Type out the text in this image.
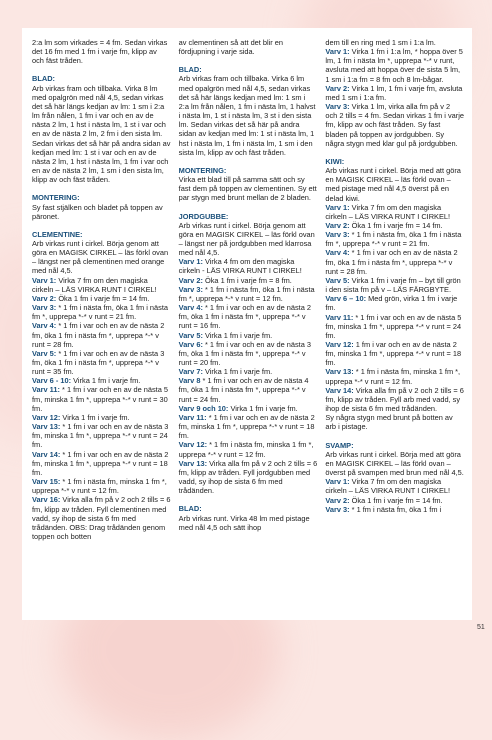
2:a lm som virkades = 4 fm. Sedan virkas det 16 fm med 1 fm i varje fm, klipp av och fäst tråden.

BLAD:

Arb virkas fram och tillbaka. Virka 8 lm med opalgrön med nål 4,5, sedan virkas det så här längs kedjan av lm: 1 sm i 2:a lm från nålen, 1 fm i var och en av de nästa 2 lm, 1 hst i nästa lm, 1 st i var och en av de nästa 2 lm, 2 fm i den sista lm. Sedan virkas det så här på andra sidan av kedjan med lm: 1 st i var och en av de nästa 2 lm, 1 hst i nästa lm, 1 fm i var och en av de nästa 2 lm, 1 sm i den sista lm, klipp av och fäst tråden.

MONTERING:

Sy fast stjälken och bladet på toppen av päronet.

CLEMENTINE:

Arb virkas runt i cirkel. Börja genom att göra en MAGISK CIRKEL – läs förkl ovan – längst ner på clementinen med orange med nål 4,5.

Varv 1: Virka 7 fm om den magiska cirkeln – LÄS VIRKA RUNT I CIRKEL!

Varv 2: Öka 1 fm i varje fm = 14 fm.

Varv 3: * 1 fm i nästa fm, öka 1 fm i nästa fm *, upprepa *-* v runt = 21 fm.

Varv 4: * 1 fm i var och en av de nästa 2 fm, öka 1 fm i nästa fm *, upprepa *-* v runt = 28 fm.

Varv 5: * 1 fm i var och en av de nästa 3 fm, öka 1 fm i nästa fm *, upprepa *-* v runt = 35 fm.

Varv 6 - 10: Virka 1 fm i varje fm.

Varv 11: * 1 fm i var och en av de nästa 5 fm, minska 1 fm *, upprepa *-* v runt = 30 fm.

Varv 12: Virka 1 fm i varje fm.

Varv 13: * 1 fm i var och en av de nästa 3 fm, minska 1 fm *, upprepa *-* v runt = 24 fm.

Varv 14: * 1 fm i var och en av de nästa 2 fm, minska 1 fm *, upprepa *-* v runt = 18 fm.

Varv 15: * 1 fm i nästa fm, minska 1 fm *, upprepa *-* v runt = 12 fm.

Varv 16: Virka alla fm på v 2 och 2 tills = 6 fm, klipp av tråden. Fyll clementinen med vadd, sy ihop de sista 6 fm med trådänden. OBS: Drag trådänden genom toppen och botten

av clementinen så att det blir en fördjupning i varje sida.

BLAD:

Arb virkas fram och tillbaka. Virka 6 lm med opalgrön med nål 4,5, sedan virkas det så här längs kedjan med lm: 1 sm i 2:a lm från nålen, 1 fm i nästa lm, 1 halvst i nästa lm, 1 st i nästa lm, 3 st i den sista lm. Sedan virkas det så här på andra sidan av kedjan med lm: 1 st i nästa lm, 1 hst i nästa lm, 1 fm i nästa lm, 1 sm i den sista lm, klipp av och fäst tråden.

MONTERING:

Virka ett blad till på samma sätt och sy fast dem på toppen av clementinen. Sy ett par stygn med brunt mellan de 2 bladen.

JORDGUBBE:

Arb virkas runt i cirkel. Börja genom att göra en MAGISK CIRKEL – läs förkl ovan – längst ner på jordgubben med klarrosa med nål 4,5.

Varv 1: Virka 4 fm om den magiska cirkeln - LÄS VIRKA RUNT I CIRKEL!

Varv 2: Öka 1 fm i varje fm = 8 fm.

Varv 3: * 1 fm i nästa fm, öka 1 fm i nästa fm *, upprepa *-* v runt = 12 fm.

Varv 4: * 1 fm i var och en av de nästa 2 fm, öka 1 fm i nästa fm *, upprepa *-* v runt = 16 fm.

Varv 5: Virka 1 fm i varje fm.

Varv 6: * 1 fm i var och en av de nästa 3 fm, öka 1 fm i nästa fm *, upprepa *-* v runt = 20 fm.

Varv 7: Virka 1 fm i varje fm.

Varv 8 * 1 fm i var och en av de nästa 4 fm, öka 1 fm i nästa fm *, upprepa *-* v runt = 24 fm.

Varv 9 och 10: Virka 1 fm i varje fm.

Varv 11: * 1 fm i var och en av de nästa 2 fm, minska 1 fm *, upprepa *-* v runt = 18 fm.

Varv 12: * 1 fm i nästa fm, minska 1 fm *, upprepa *-* v runt = 12 fm.

Varv 13: Virka alla fm på v 2 och 2 tills = 6 fm, klipp av tråden. Fyll jordgubben med vadd, sy ihop de sista 6 fm med trådänden.

BLAD:

Arb virkas runt. Virka 48 lm med pistage med nål 4,5 och sätt ihop

dem till en ring med 1 sm i 1:a lm.

Varv 1: Virka 1 fm i 1:a lm, * hoppa över 5 lm, 1 fm i nästa lm *, upprepa *-* v runt, avsluta med att hoppa över de sista 5 lm, 1 sm i 1:a fm = 8 fm och 8 lm-bågar.

Varv 2: Virka 1 lm, 1 fm i varje fm, avsluta med 1 sm i 1:a fm.

Varv 3: Virka 1 lm, virka alla fm på v 2 och 2 tills = 4 fm. Sedan virkas 1 fm i varje fm, klipp av och fäst tråden. Sy fast bladen på toppen av jordgubben. Sy några stygn med klar gul på jordgubben.

KIWI:

Arb virkas runt i cirkel. Börja med att göra en MAGISK CIRKEL – läs förkl ovan – med pistage med nål 4,5 överst på en delad kiwi.

Varv 1: Virka 7 fm om den magiska cirkeln – LÄS VIRKA RUNT I CIRKEL!

Varv 2: Öka 1 fm i varje fm = 14 fm.

Varv 3: * 1 fm i nästa fm, öka 1 fm i nästa fm *, upprepa *-* v runt = 21 fm.

Varv 4: * 1 fm i var och en av de nästa 2 fm, öka 1 fm i nästa fm *, upprepa *-* v runt = 28 fm.

Varv 5: Virka 1 fm i varje fm – byt till grön i den sista fm på v – LÄS FÄRGBYTE.

Varv 6 – 10: Med grön, virka 1 fm i varje fm.

Varv 11: * 1 fm i var och en av de nästa 5 fm, minska 1 fm *, upprepa *-* v runt = 24 fm.

Varv 12: 1 fm i var och en av de nästa 2 fm, minska 1 fm *, upprepa *-* v runt = 18 fm.

Varv 13: * 1 fm i nästa fm, minska 1 fm *, upprepa *-* v runt = 12 fm.

Varv 14: Virka alla fm på v 2 och 2 tills = 6 fm, klipp av tråden. Fyll arb med vadd, sy ihop de sista 6 fm med trådänden.

Sy några stygn med brunt på botten av arb i pistage.

SVAMP:

Arb virkas runt i cirkel. Börja med att göra en MAGISK CIRKEL – läs förkl ovan – överst på svampen med brun med nål 4,5.

Varv 1: Virka 7 fm om den magiska cirkeln – LÄS VIRKA RUNT I CIRKEL!

Varv 2: Öka 1 fm i varje fm = 14 fm.

Varv 3: * 1 fm i nästa fm, öka 1 fm i

51
